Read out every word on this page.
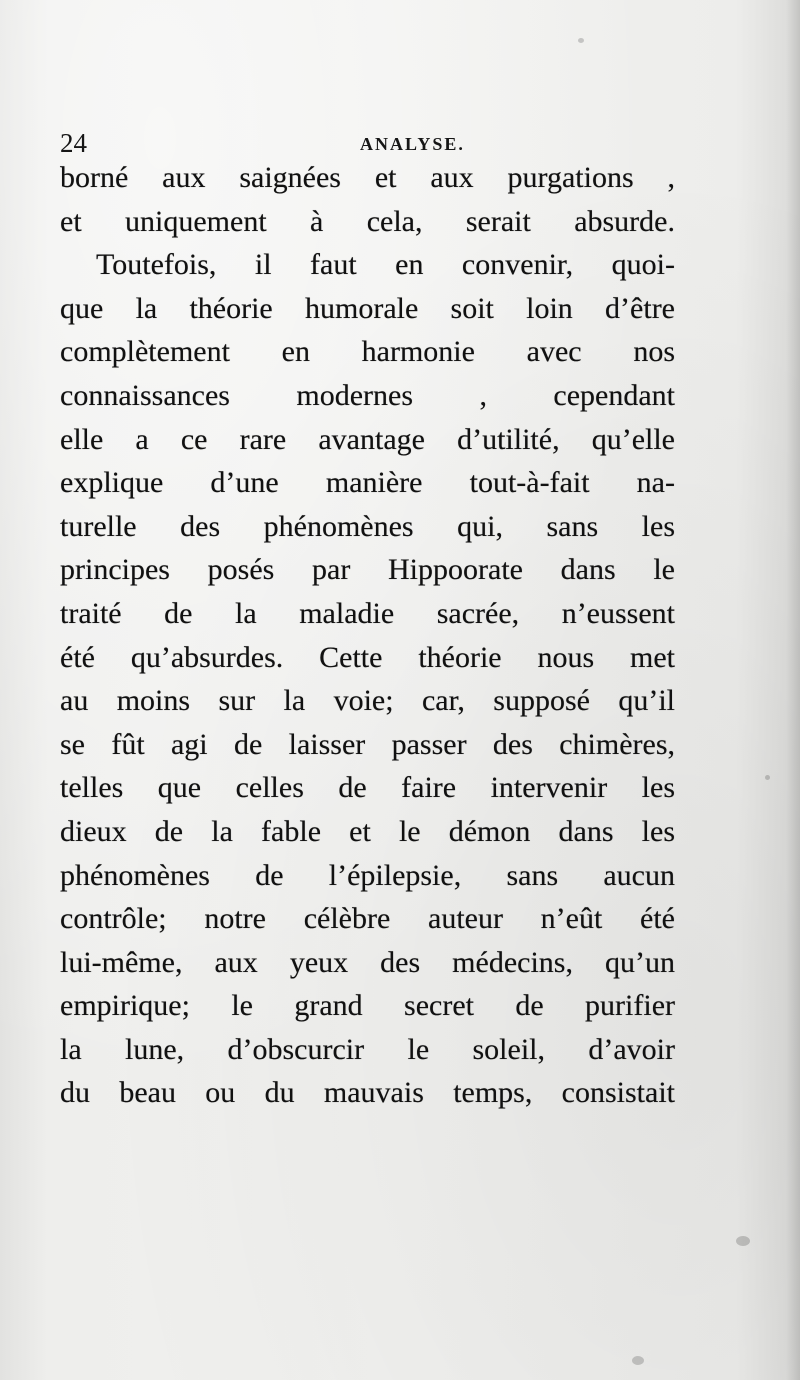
24	ANALYSE.
borné aux saignées et aux purgations ,
et uniquement à cela, serait absurde.
Toutefois, il faut en convenir, quoi-
que la théorie humorale soit loin d’être
complètement en harmonie avec nos
connaissances modernes , cependant
elle a ce rare avantage d’utilité, qu’elle
explique d’une manière tout-à-fait na-
turelle des phénomènes qui, sans les
principes posés par Hippoorate dans le
traité de la maladie sacrée, n’eussent
été qu’absurdes. Cette théorie nous met
au moins sur la voie; car, supposé qu’il
se fût agi de laisser passer des chimères,
telles que celles de faire intervenir les
dieux de la fable et le démon dans les
phénomènes de l’épilepsie, sans aucun
contrôle; notre célèbre auteur n’eût été
lui-même, aux yeux des médecins, qu’un
empirique; le grand secret de purifier
la lune, d’obscurcir le soleil, d’avoir
du beau ou du mauvais temps, consistait
